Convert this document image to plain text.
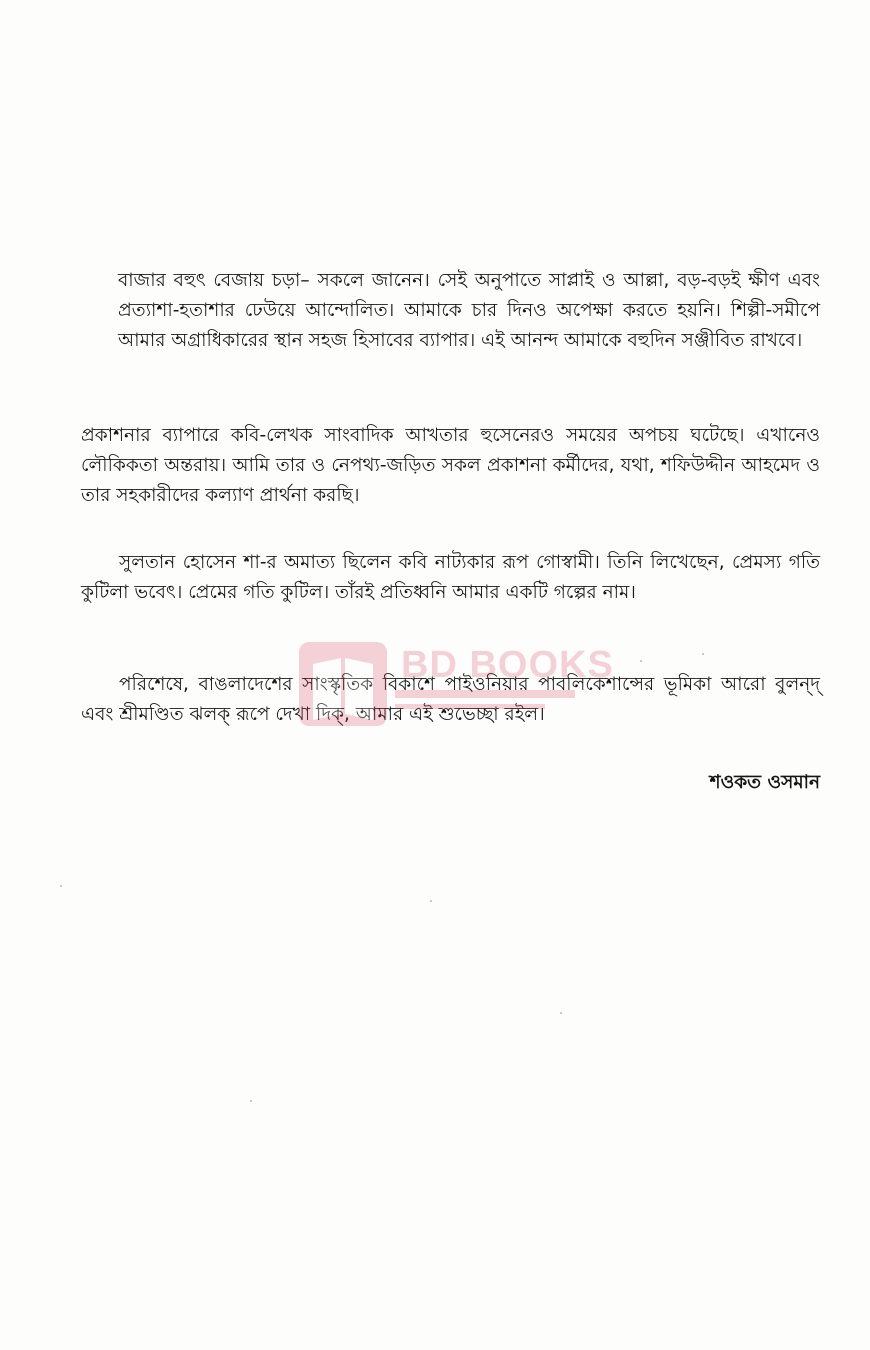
বাজার বহুৎ বেজায় চড়া– সকলে জানেন। সেই অনুপাতে সাপ্লাই ও আল্লা, বড়-বড়ই ক্ষীণ এবং প্রত্যাশা-হতাশার ঢেউয়ে আন্দোলিত। আমাকে চার দিনও অপেক্ষা করতে হয়নি। শিল্পী-সমীপে আমার অগ্রাধিকারের স্থান সহজ হিসাবের ব্যাপার। এই আনন্দ আমাকে বহুদিন সঞ্জীবিত রাখবে।

প্রকাশনার ব্যাপারে কবি-লেখক সাংবাদিক আখতার হুসেনেরও সময়ের অপচয় ঘটেছে। এখানেও লৌকিকতা অন্তরায়। আমি তার ও নেপথ্য-জড়িত সকল প্রকাশনা কর্মীদের, যথা, শফিউদ্দীন আহমেদ ও তার সহকারীদের কল্যাণ প্রার্থনা করছি।

সুলতান হোসেন শা-র অমাত্য ছিলেন কবি নাট্যকার রূপ গোস্বামী। তিনি লিখেছেন, প্রেমস্য গতি কুটিলা ভবেৎ। প্রেমের গতি কুটিল। তাঁরই প্রতিধ্বনি আমার একটি গল্পের নাম।

পরিশেষে, বাঙলাদেশের সাংস্কৃতিক বিকাশে পাইওনিয়ার পাবলিকেশান্সের ভূমিকা আরো বুলন্দ্ এবং শ্রীমণ্ডিত ঝলক্ রূপে দেখা দিক্, আমার এই শুভেচ্ছা রইল।

শওকত ওসমান
BD BOOKS
